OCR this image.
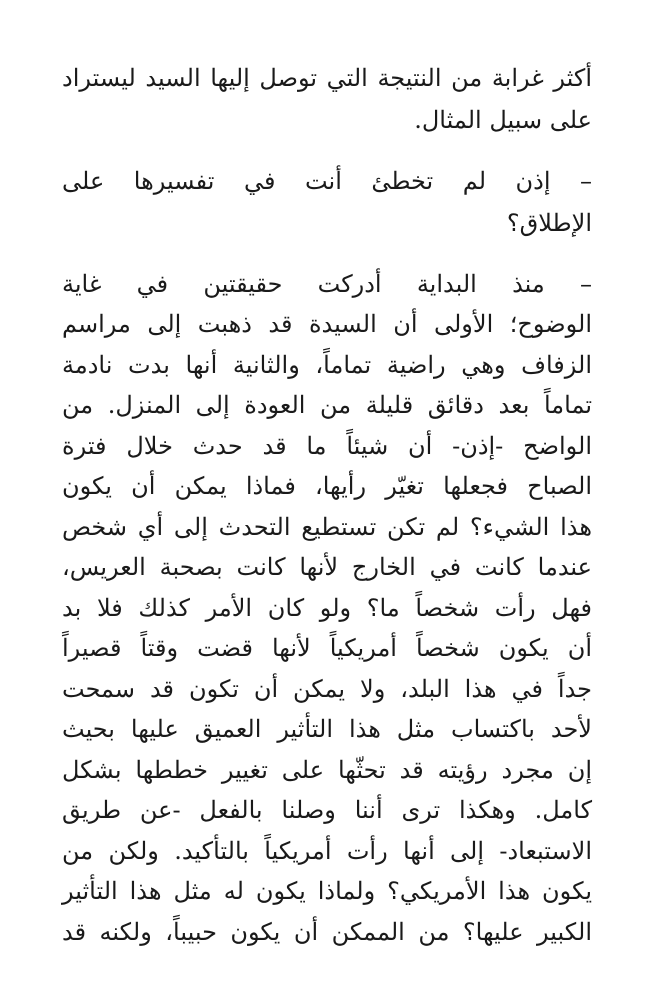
أكثر غرابة من النتيجة التي توصل إليها السيد ليستراد
على سبيل المثال.
– إذن لم تخطئ أنت في تفسيرها على
الإطلاق؟
– منذ البداية أدركت حقيقتين في غاية
الوضوح؛ الأولى أن السيدة قد ذهبت إلى مراسم
الزفاف وهي راضية تماماً، والثانية أنها بدت نادمة
تماماً بعد دقائق قليلة من العودة إلى المنزل. من
الواضح -إذن- أن شيئاً ما قد حدث خلال فترة
الصباح فجعلها تغيّر رأيها، فماذا يمكن أن يكون
هذا الشيء؟ لم تكن تستطيع التحدث إلى أي شخص
عندما كانت في الخارج لأنها كانت بصحبة العريس،
فهل رأت شخصاً ما؟ ولو كان الأمر كذلك فلا بد
أن يكون شخصاً أمريكياً لأنها قضت وقتاً قصيراً
جداً في هذا البلد، ولا يمكن أن تكون قد سمحت
لأحد باكتساب مثل هذا التأثير العميق عليها بحيث
إن مجرد رؤيته قد تحثّها على تغيير خططها بشكل
كامل. وهكذا ترى أننا وصلنا بالفعل -عن طريق
الاستبعاد- إلى أنها رأت أمريكياً بالتأكيد. ولكن من
يكون هذا الأمريكي؟ ولماذا يكون له مثل هذا التأثير
الكبير عليها؟ من الممكن أن يكون حبيباً، ولكنه قد
